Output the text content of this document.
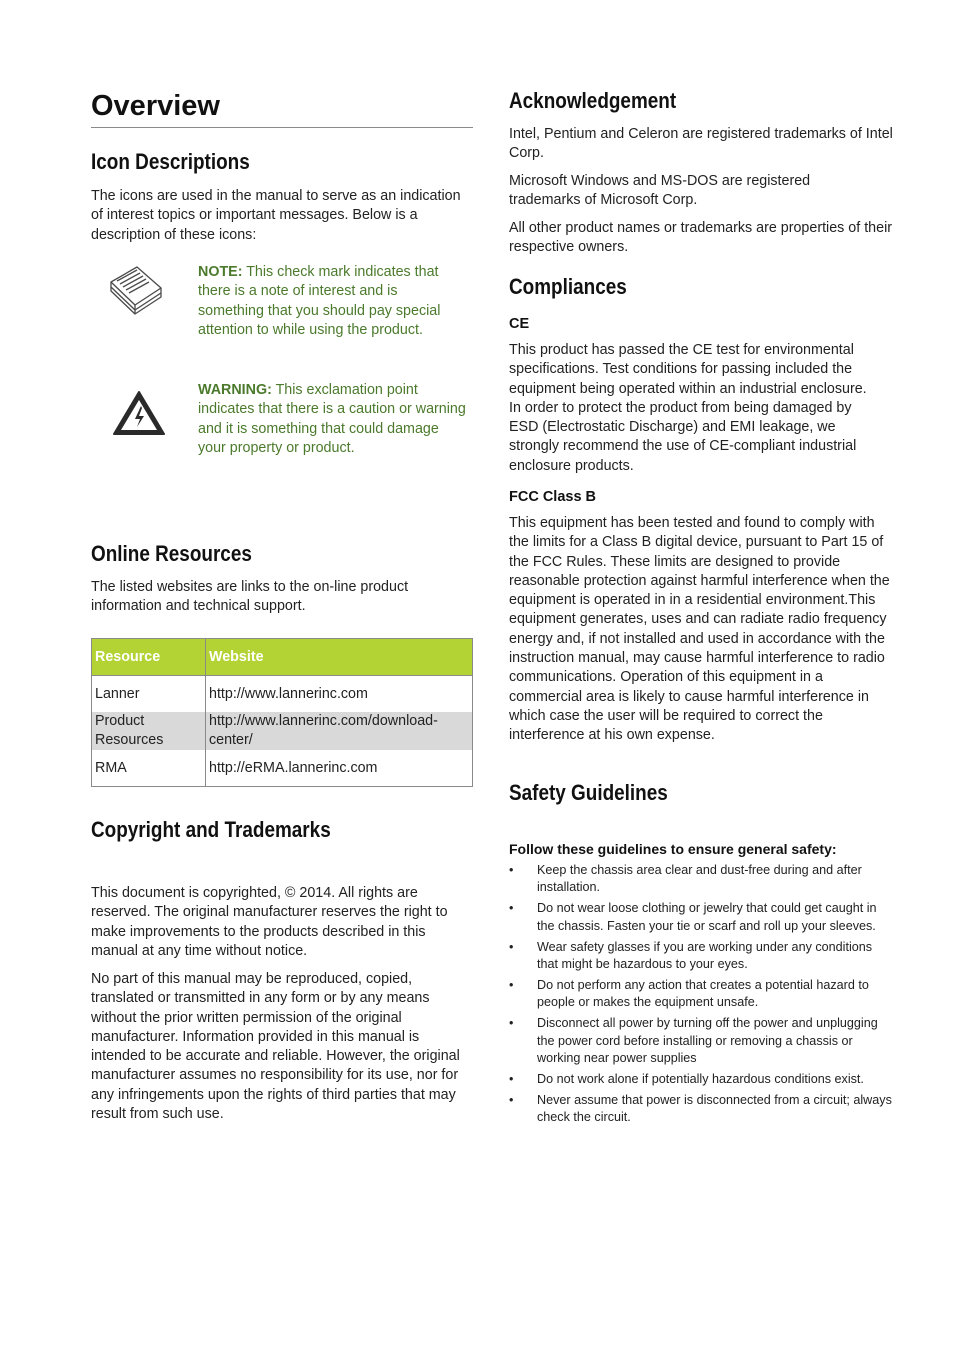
Overview
Icon Descriptions
The icons are used in the manual to serve as an indication of interest topics or important messages. Below is a description of these icons:
NOTE: This check mark indicates that there is a note of interest and is something that you should pay special attention to while using the product.
WARNING: This exclamation point indicates that there is a caution or warning and it is something that could damage your property or product.
Online Resources
The listed websites are links to the on-line product information and technical support.
Resource	Website
Lanner	http://www.lannerinc.com
Product Resources	http://www.lannerinc.com/download-center/
RMA	http://eRMA.lannerinc.com
Copyright and Trademarks
This document is copyrighted, © 2014. All rights are reserved. The original manufacturer reserves the right to make improvements to the products described in this manual at any time without notice.
No part of this manual may be reproduced, copied, translated or transmitted in any form or by any means without the prior written permission of the original manufacturer. Information provided in this manual is intended to be accurate and reliable. However, the original manufacturer assumes no responsibility for its use, nor for any infringements upon the rights of third parties that may result from such use.
Acknowledgement
Intel, Pentium and Celeron are registered trademarks of Intel Corp.
Microsoft Windows and MS-DOS are registered trademarks of Microsoft Corp.
All other product names or trademarks are properties of their respective owners.
Compliances
CE
This product has passed the CE test for environmental specifications. Test conditions for passing included the equipment being operated within an industrial enclosure. In order to protect the product from being damaged by ESD (Electrostatic Discharge) and EMI leakage, we strongly recommend the use of CE-compliant industrial enclosure products.
FCC Class B
This equipment has been tested and found to comply with the limits for a Class B digital device, pursuant to Part 15 of the FCC Rules. These limits are designed to provide reasonable protection against harmful interference when the equipment is operated in in a residential environment.This equipment generates, uses and can radiate radio frequency energy and, if not installed and used in accordance with the instruction manual, may cause harmful interference to radio communications. Operation of this equipment in a commercial area is likely to cause harmful interference in which case the user will be required to correct the interference at his own expense.
Safety Guidelines
Follow these guidelines to ensure general safety:
• Keep the chassis area clear and dust-free during and after installation.
• Do not wear loose clothing or jewelry that could get caught in the chassis. Fasten your tie or scarf and roll up your sleeves.
• Wear safety glasses if you are working under any conditions that might be hazardous to your eyes.
• Do not perform any action that creates a potential hazard to people or makes the equipment unsafe.
• Disconnect all power by turning off the power and unplugging the power cord before installing or removing a chassis or working near power supplies
• Do not work alone if potentially hazardous conditions exist.
• Never assume that power is disconnected from a circuit; always check the circuit.
